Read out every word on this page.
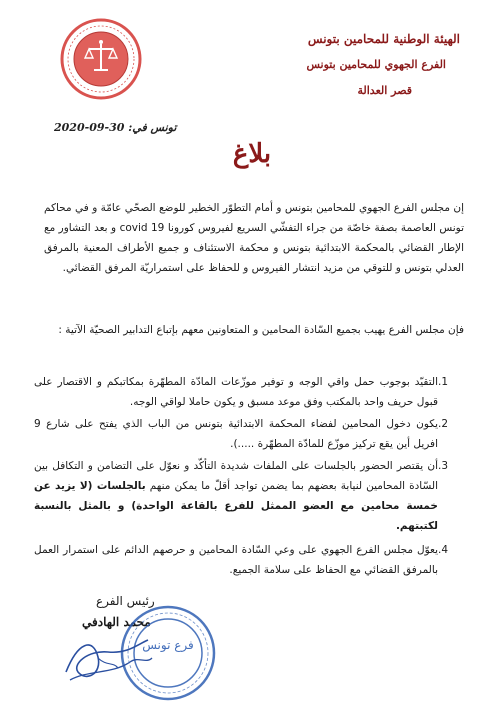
الهيئة الوطنية للمحامين بتونس
الفرع الجهوي للمحامين بتونس
قصر العدالة
تونس في: 30-09-2020
بلاغ
إن مجلس الفرع الجهوي للمحامين بتونس و أمام التطوّر الخطير للوضع الصحّي عامّة و في محاكم تونس العاصمة بصفة خاصّة من جراء التفشّي السريع لفيروس كورونا covid 19 و بعد التشاور مع الإطار القضائي بالمحكمة الابتدائية بتونس و محكمة الاستئناف و جميع الأطراف المعنية بالمرفق العدلي بتونس و للتوقي من مزيد انتشار الفيروس و للحفاظ على استمراريّة المرفق القضائي.
فإن مجلس الفرع يهيب بجميع السّادة المحامين و المتعاونين معهم بإتباع التدابير الصحيّة الآتية :
1.
التقيّد بوجوب حمل واقي الوجه و توفير موزّعات المادّة المطهّرة بمكاتبكم و الاقتصار على قبول حريف واحد بالمكتب وفق موعد مسبق و يكون حاملا لواقي الوجه.
2.
يكون دخول المحامين لفضاء المحكمة الابتدائية بتونس من الباب الذي يفتح على شارع 9 افريل أين يقع تركيز موزّع للمادّة المطهّرة .....).
3.
أن يقتصر الحضور بالجلسات على الملفات شديدة التأكّد و نعوّل على التضامن و التكافل بين السّادة المحامين لنيابة بعضهم بما يضمن تواجد أقلّ ما يمكن منهم بالجلسات (لا يزيد عن خمسة محامين مع العضو الممثل للفرع بالقاعة الواحدة) و بالمثل بالنسبة لكتبتهم.
4.
يعوّل مجلس الفرع الجهوي على وعي السّادة المحامين و حرصهم الدائم على استمرار العمل بالمرفق القضائي مع الحفاظ على سلامة الجميع.
رئيس الفرع
محمد الهادفي
فرع تونس
